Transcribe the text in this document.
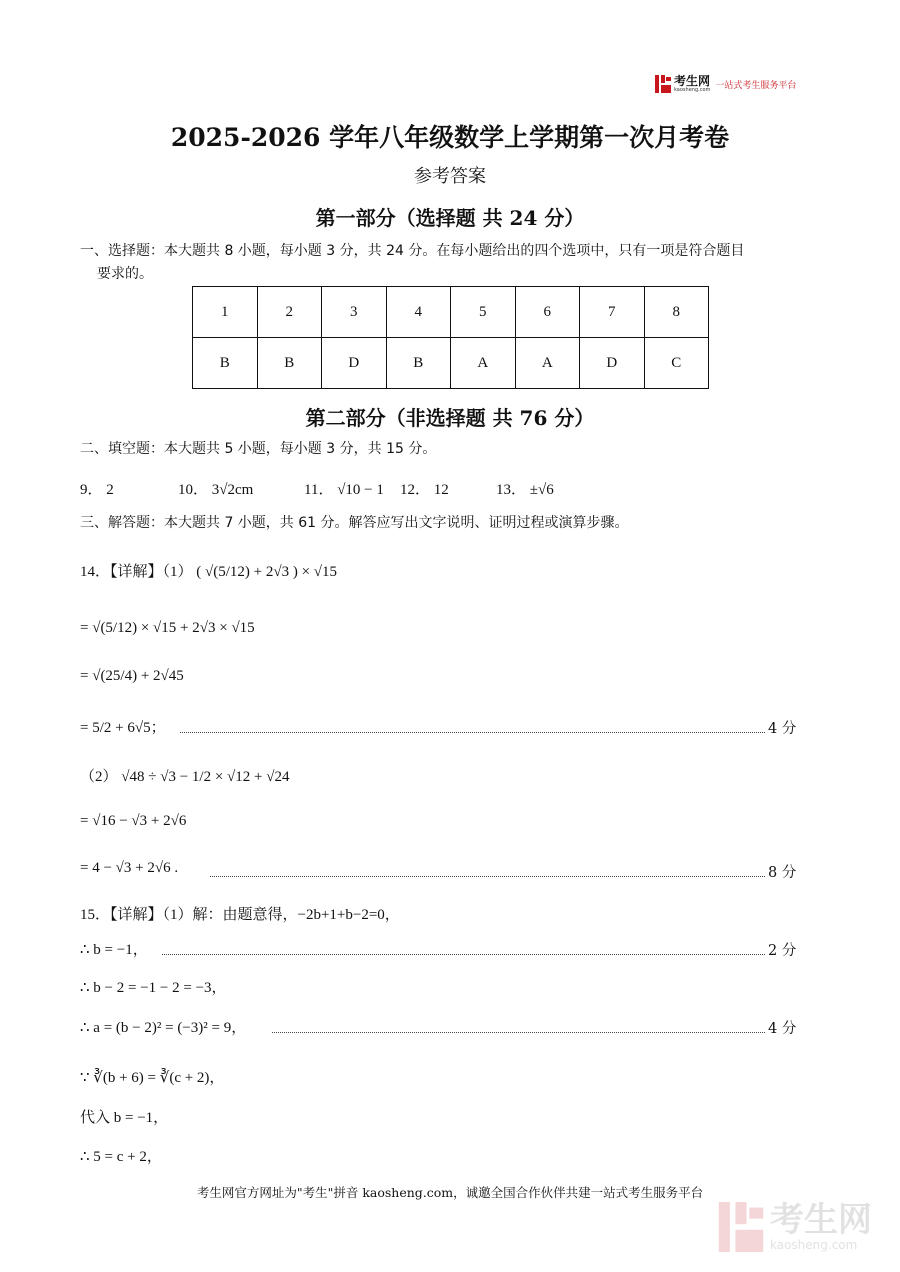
考生网
kaosheng.com 一站式考生服务平台
2025-2026 学年八年级数学上学期第一次月考卷
参考答案
第一部分（选择题 共 24 分）
一、选择题：本大题共 8 小题，每小题 3 分，共 24 分。在每小题给出的四个选项中，只有一项是符合题目
要求的。
1	2	3	4	5	6	7	8
B	B	D	B	A	A	D	C
第二部分（非选择题 共 76 分）
二、填空题：本大题共 5 小题，每小题 3 分，共 15 分。
9． 2	10． 3√2cm	11． √10 − 1 12． 12	13． ±√6
三、解答题：本大题共 7 小题，共 61 分。解答应写出文字说明、证明过程或演算步骤。
14．【详解】（1） ( √(5/12) + 2√3 ) × √15
= √(5/12) × √15 + 2√3 × √15
= √(25/4) + 2√45
= 5/2 + 6√5；	4 分
（2） √48 ÷ √3 − 1/2 × √12 + √24
= √16 − √3 + 2√6
= 4 − √3 + 2√6 .	8 分
15．【详解】（1）解：由题意得，−2b+1+b−2=0，
∴ b = −1，	2 分
∴ b − 2 = −1 − 2 = −3，
∴ a = (b − 2)² = (−3)² = 9，	4 分
∵ ∛(b + 6) = ∛(c + 2)，
代入 b = −1，
∴ 5 = c + 2，
考生网官方网址为"考生"拼音 kaosheng.com，诚邀全国合作伙伴共建一站式考生服务平台
考生网
kaosheng.com
